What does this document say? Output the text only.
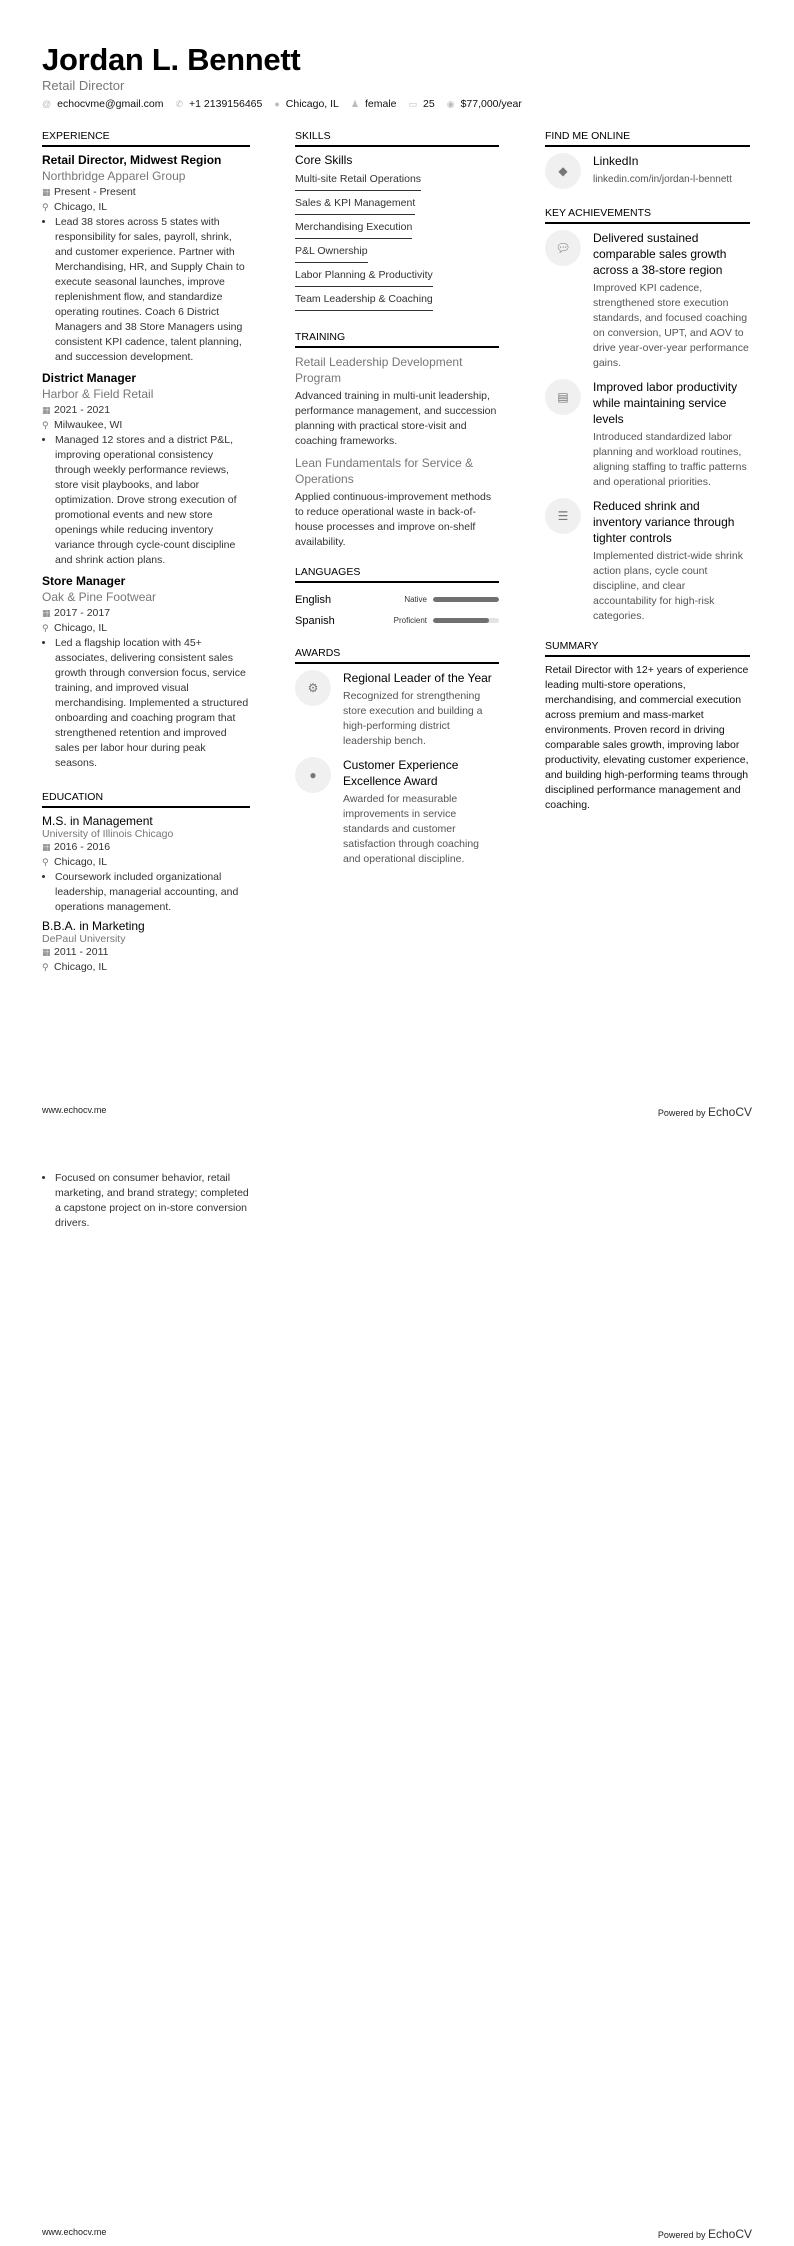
Jordan L. Bennett
Retail Director
@ echocvme@gmail.com ✆ +1 2139156465 ● Chicago, IL ♟ female ▭ 25 ◉ $77,000/year
EXPERIENCE
Retail Director, Midwest Region
Northbridge Apparel Group
▦ Present - Present
⚲ Chicago, IL
• Lead 38 stores across 5 states with responsibility for sales, payroll, shrink, and customer experience. Partner with Merchandising, HR, and Supply Chain to execute seasonal launches, improve replenishment flow, and standardize operating routines. Coach 6 District Managers and 38 Store Managers using consistent KPI cadence, talent planning, and succession development.
District Manager
Harbor & Field Retail
▦ 2021 - 2021
⚲ Milwaukee, WI
• Managed 12 stores and a district P&L, improving operational consistency through weekly performance reviews, store visit playbooks, and labor optimization. Drove strong execution of promotional events and new store openings while reducing inventory variance through cycle-count discipline and shrink action plans.
Store Manager
Oak & Pine Footwear
▦ 2017 - 2017
⚲ Chicago, IL
• Led a flagship location with 45+ associates, delivering consistent sales growth through conversion focus, service training, and improved visual merchandising. Implemented a structured onboarding and coaching program that strengthened retention and improved sales per labor hour during peak seasons.
EDUCATION
M.S. in Management
University of Illinois Chicago
▦ 2016 - 2016
⚲ Chicago, IL
• Coursework included organizational leadership, managerial accounting, and operations management.
B.B.A. in Marketing
DePaul University
▦ 2011 - 2011
⚲ Chicago, IL
SKILLS
Core Skills
Multi-site Retail Operations
Sales & KPI Management
Merchandising Execution
P&L Ownership
Labor Planning & Productivity
Team Leadership & Coaching
TRAINING
Retail Leadership Development Program
Advanced training in multi-unit leadership, performance management, and succession planning with practical store-visit and coaching frameworks.
Lean Fundamentals for Service & Operations
Applied continuous-improvement methods to reduce operational waste in back-of-house processes and improve on-shelf availability.
LANGUAGES
English	Native
Spanish	Proficient
AWARDS
⚙
Regional Leader of the Year
Recognized for strengthening store execution and building a high-performing district leadership bench.
●
Customer Experience Excellence Award
Awarded for measurable improvements in service standards and customer satisfaction through coaching and operational discipline.
FIND ME ONLINE
◆
LinkedIn
linkedin.com/in/jordan-l-bennett
KEY ACHIEVEMENTS
💬︎
Delivered sustained comparable sales growth across a 38-store region
Improved KPI cadence, strengthened store execution standards, and focused coaching on conversion, UPT, and AOV to drive year-over-year performance gains.
▤
Improved labor productivity while maintaining service levels
Introduced standardized labor planning and workload routines, aligning staffing to traffic patterns and operational priorities.
☰
Reduced shrink and inventory variance through tighter controls
Implemented district-wide shrink action plans, cycle count discipline, and clear accountability for high-risk categories.
SUMMARY
Retail Director with 12+ years of experience leading multi-store operations, merchandising, and commercial execution across premium and mass-market environments. Proven record in driving comparable sales growth, improving labor productivity, elevating customer experience, and building high-performing teams through disciplined performance management and coaching.
www.echocv.me	Powered by EchoCV
• Focused on consumer behavior, retail marketing, and brand strategy; completed a capstone project on in-store conversion drivers.
www.echocv.me	Powered by EchoCV
